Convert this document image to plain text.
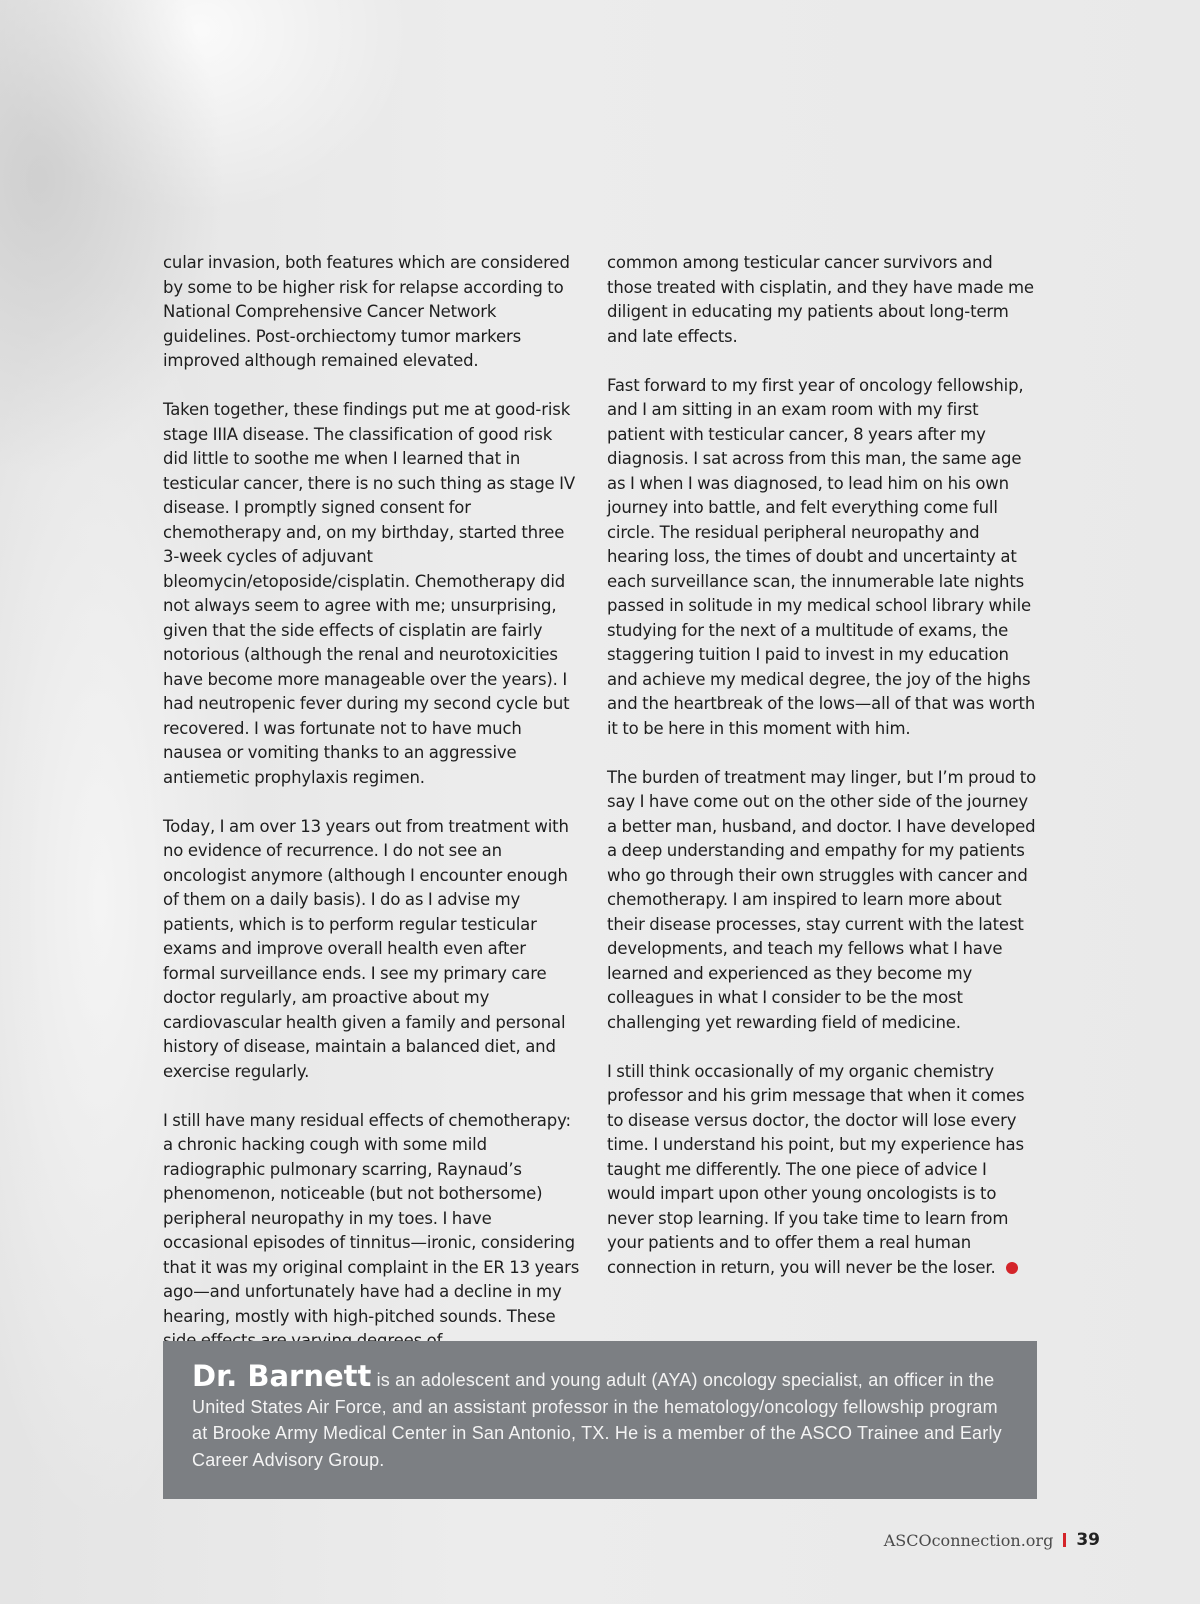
cular invasion, both features which are considered by some to be higher risk for relapse according to National Comprehensive Cancer Network guidelines. Post-orchiectomy tumor markers improved although remained elevated.

Taken together, these findings put me at good-risk stage IIIA disease. The classification of good risk did little to soothe me when I learned that in testicular cancer, there is no such thing as stage IV disease. I promptly signed consent for chemotherapy and, on my birthday, started three 3-week cycles of adjuvant bleomycin/etoposide/cisplatin. Chemotherapy did not always seem to agree with me; unsurprising, given that the side effects of cisplatin are fairly notorious (although the renal and neurotoxicities have become more manageable over the years). I had neutropenic fever during my second cycle but recovered. I was fortunate not to have much nausea or vomiting thanks to an aggressive antiemetic prophylaxis regimen.

Today, I am over 13 years out from treatment with no evidence of recurrence. I do not see an oncologist anymore (although I encounter enough of them on a daily basis). I do as I advise my patients, which is to perform regular testicular exams and improve overall health even after formal surveillance ends. I see my primary care doctor regularly, am proactive about my cardiovascular health given a family and personal history of disease, maintain a balanced diet, and exercise regularly.

I still have many residual effects of chemotherapy: a chronic hacking cough with some mild radiographic pulmonary scarring, Raynaud’s phenomenon, noticeable (but not bothersome) peripheral neuropathy in my toes. I have occasional episodes of tinnitus—ironic, considering that it was my original complaint in the ER 13 years ago—and unfortunately have had a decline in my hearing, mostly with high-pitched sounds. These

common among testicular cancer survivors and those treated with cisplatin, and they have made me diligent in educating my patients about long-term and late effects.

Fast forward to my first year of oncology fellowship, and I am sitting in an exam room with my first patient with testicular cancer, 8 years after my diagnosis. I sat across from this man, the same age as I when I was diagnosed, to lead him on his own journey into battle, and felt everything come full circle. The residual peripheral neuropathy and hearing loss, the times of doubt and uncertainty at each surveillance scan, the innumerable late nights passed in solitude in my medical school library while studying for the next of a multitude of exams, the staggering tuition I paid to invest in my education and achieve my medical degree, the joy of the highs and the heartbreak of the lows—all of that was worth it to be here in this moment with him.

The burden of treatment may linger, but I’m proud to say I have come out on the other side of the journey a better man, husband, and doctor. I have developed a deep understanding and empathy for my patients who go through their own struggles with cancer and chemotherapy. I am inspired to learn more about their disease processes, stay current with the latest developments, and teach my fellows what I have learned and experienced as they become my colleagues in what I consider to be the most challenging yet rewarding field of medicine.

I still think occasionally of my organic chemistry professor and his grim message that when it comes to disease versus doctor, the doctor will lose every time. I understand his point, but my experience has taught me differently. The one piece of advice I would impart upon other young oncologists is to never stop learning. If you take time to learn from your patients and to offer them a real human connection in return, you will never be the loser.

Dr. Barnett is an adolescent and young adult (AYA) oncology specialist, an officer in the United States Air Force, and an assistant professor in the hematology/oncology fellowship program at Brooke Army Medical Center in San Antonio, TX. He is a member of the ASCO Trainee and Early Career Advisory Group.
ASCOconnection.org 39
